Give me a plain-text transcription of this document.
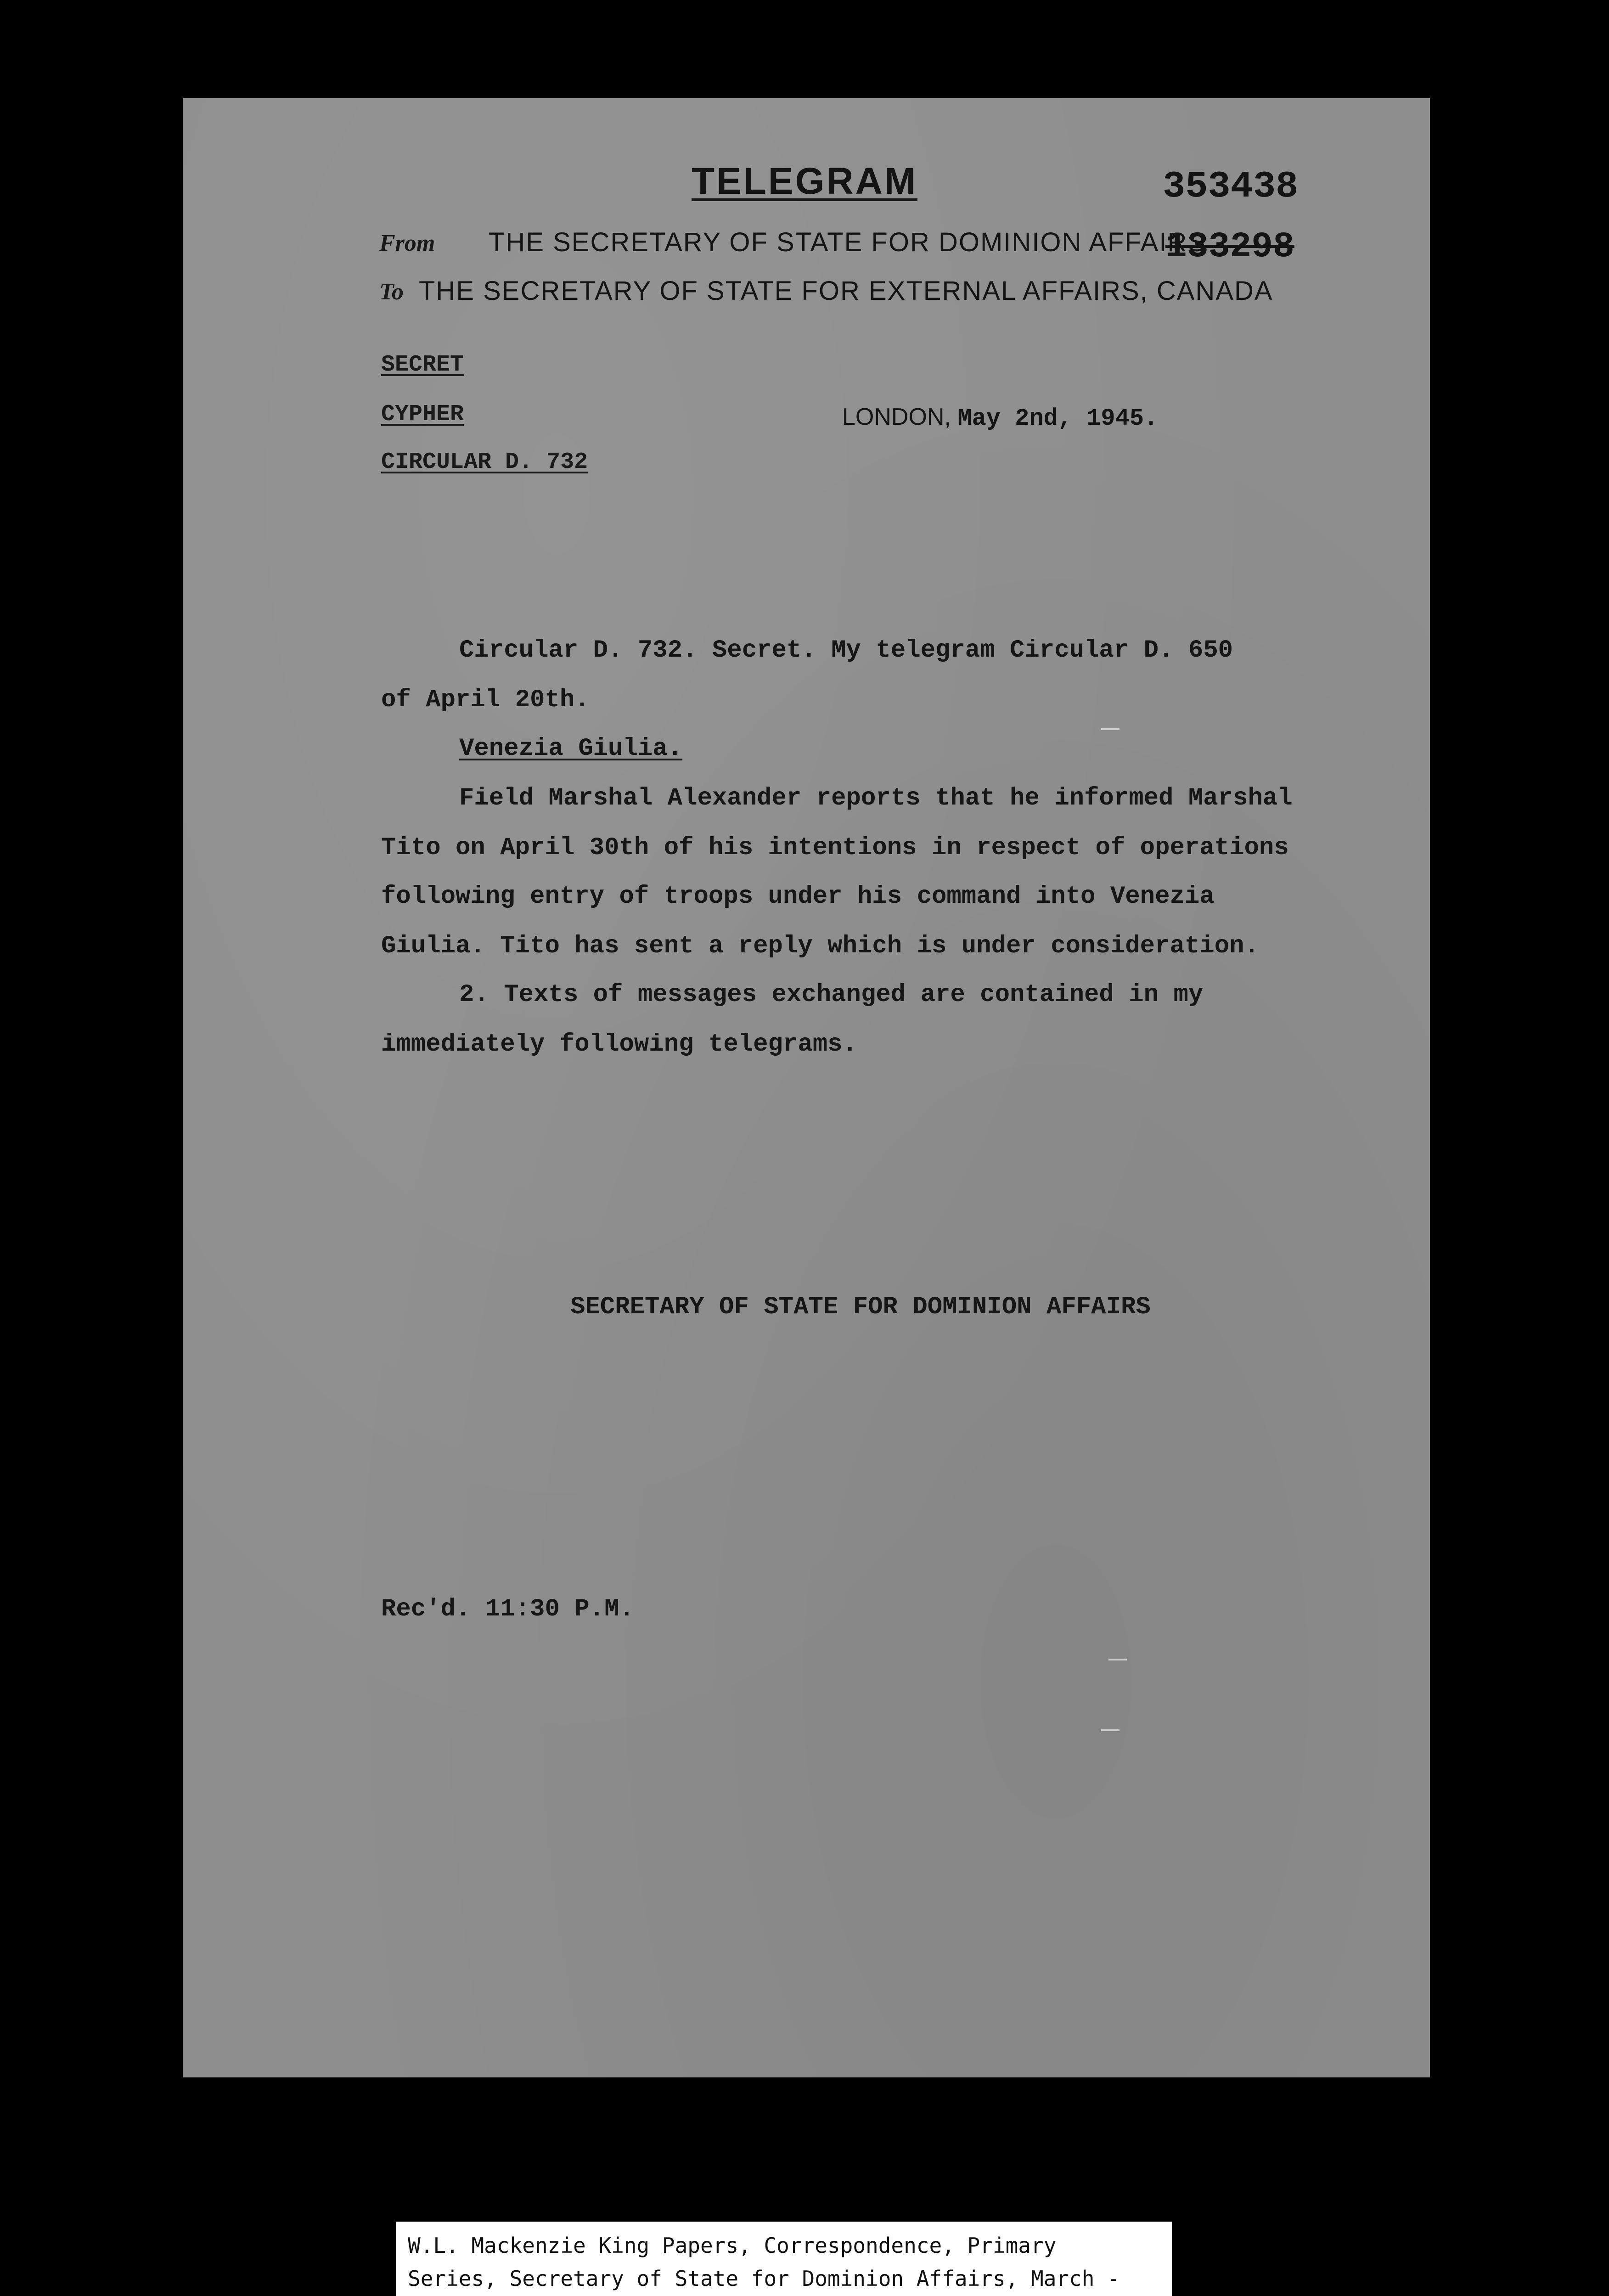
TELEGRAM	353438
133298
From THE SECRETARY OF STATE FOR DOMINION AFFAIRS
To THE SECRETARY OF STATE FOR EXTERNAL AFFAIRS, CANADA
SECRET
CYPHER
CIRCULAR D. 732
LONDON, May 2nd, 1945.
Circular D. 732. Secret. My telegram Circular D. 650
of April 20th.
Venezia Giulia.
Field Marshal Alexander reports that he informed Marshal
Tito on April 30th of his intentions in respect of operations
following entry of troops under his command into Venezia
Giulia. Tito has sent a reply which is under consideration.
2. Texts of messages exchanged are contained in my
immediately following telegrams.
SECRETARY OF STATE FOR DOMINION AFFAIRS
Rec'd. 11:30 P.M.

W.L. Mackenzie King Papers, Correspondence, Primary

Series, Secretary of State for Dominion Affairs, March -
